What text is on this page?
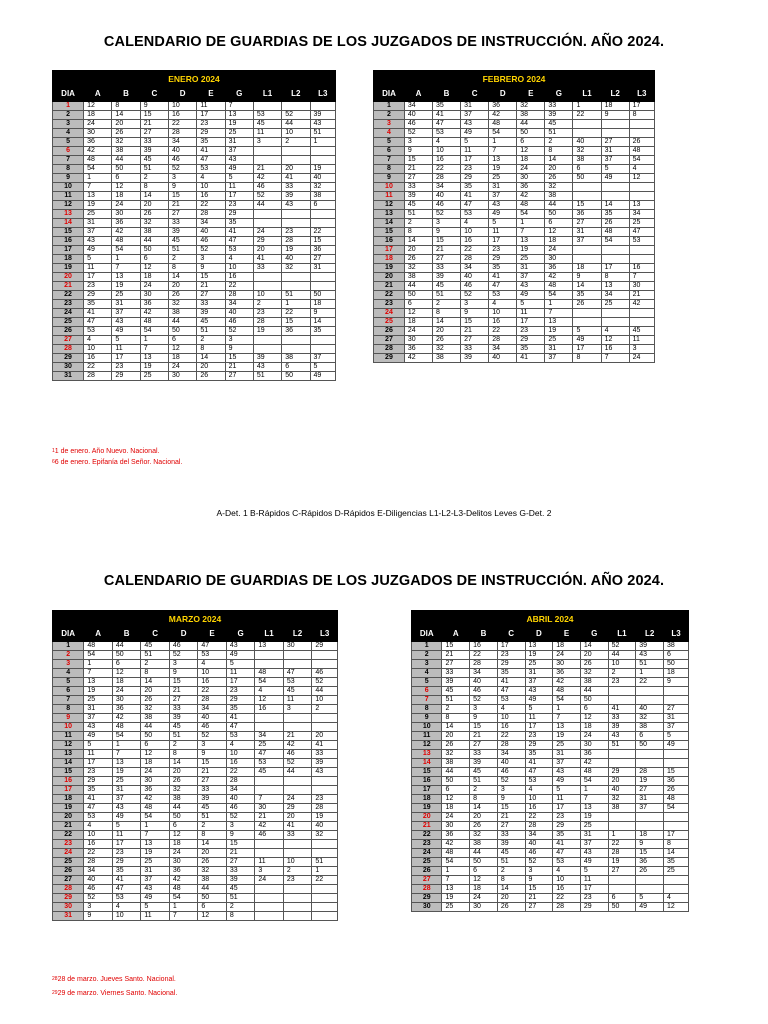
CALENDARIO DE GUARDIAS DE LOS JUZGADOS DE INSTRUCCIÓN. AÑO 2024.
ENERO 2024									
DIA	A	B	C	D	E	G	L1	L2	L3
1	12	8	9	10	11	7			
2	18	14	15	16	17	13	53	52	39
3	24	20	21	22	23	19	45	44	43
4	30	26	27	28	29	25	11	10	51
5	36	32	33	34	35	31	3	2	1
6	42	38	39	40	41	37			
7	48	44	45	46	47	43			
8	54	50	51	52	53	49	21	20	19
9	1	6	2	3	4	5	42	41	40
10	7	12	8	9	10	11	46	33	32
11	13	18	14	15	16	17	52	39	38
12	19	24	20	21	22	23	44	43	6
13	25	30	26	27	28	29			
14	31	36	32	33	34	35			
15	37	42	38	39	40	41	24	23	22
16	43	48	44	45	46	47	29	28	15
17	49	54	50	51	52	53	20	19	36
18	5	1	6	2	3	4	41	40	27
19	11	7	12	8	9	10	33	32	31
20	17	13	18	14	15	16			
21	23	19	24	20	21	22			
22	29	25	30	26	27	28	10	51	50
23	35	31	36	32	33	34	2	1	18
24	41	37	42	38	39	40	23	22	9
25	47	43	48	44	45	46	28	15	14
26	53	49	54	50	51	52	19	36	35
27	4	5	1	6	2	3			
28	10	11	7	12	8	9			
29	16	17	13	18	14	15	39	38	37
30	22	23	19	24	20	21	43	6	5
31	28	29	25	30	26	27	51	50	49
FEBRERO 2024									
DIA	A	B	C	D	E	G	L1	L2	L3
1	34	35	31	36	32	33	1	18	17
2	40	41	37	42	38	39	22	9	8
3	46	47	43	48	44	45			
4	52	53	49	54	50	51			
5	3	4	5	1	6	2	40	27	26
6	9	10	11	7	12	8	32	31	48
7	15	16	17	13	18	14	38	37	54
8	21	22	23	19	24	20	6	5	4
9	27	28	29	25	30	26	50	49	12
10	33	34	35	31	36	32			
11	39	40	41	37	42	38			
12	45	46	47	43	48	44	15	14	13
13	51	52	53	49	54	50	36	35	34
14	2	3	4	5	1	6	27	26	25
15	8	9	10	11	7	12	31	48	47
16	14	15	16	17	13	18	37	54	53
17	20	21	22	23	19	24			
18	26	27	28	29	25	30			
19	32	33	34	35	31	36	18	17	16
20	38	39	40	41	37	42	9	8	7
21	44	45	46	47	43	48	14	13	30
22	50	51	52	53	49	54	35	34	21
23	6	2	3	4	5	1	26	25	42
24	12	8	9	10	11	7			
25	18	14	15	16	17	13			
26	24	20	21	22	23	19	5	4	45
27	30	26	27	28	29	25	49	12	11
28	36	32	33	34	35	31	17	16	3
29	42	38	39	40	41	37	8	7	24
$^1$1 de enero. Año Nuevo. Nacional.
$^6$6 de enero. Epifanía del Señor. Nacional.
A-Det. 1 B-Rápidos C-Rápidos D-Rápidos E-Diligencias L1-L2-L3-Delitos Leves G-Det. 2
CALENDARIO DE GUARDIAS DE LOS JUZGADOS DE INSTRUCCIÓN. AÑO 2024.
MARZO 2024									
DIA	A	B	C	D	E	G	L1	L2	L3
1	48	44	45	46	47	43	13	30	29
2	54	50	51	52	53	49			
3	1	6	2	3	4	5			
4	7	12	8	9	10	11	48	47	46
5	13	18	14	15	16	17	54	53	52
6	19	24	20	21	22	23	4	45	44
7	25	30	26	27	28	29	12	11	10
8	31	36	32	33	34	35	16	3	2
9	37	42	38	39	40	41			
10	43	48	44	45	46	47			
11	49	54	50	51	52	53	34	21	20
12	5	1	6	2	3	4	25	42	41
13	11	7	12	8	9	10	47	46	33
14	17	13	18	14	15	16	53	52	39
15	23	19	24	20	21	22	45	44	43
16	29	25	30	26	27	28			
17	35	31	36	32	33	34			
18	41	37	42	38	39	40	7	24	23
19	47	43	48	44	45	46	30	29	28
20	53	49	54	50	51	52	21	20	19
21	4	5	1	6	2	3	42	41	40
22	10	11	7	12	8	9	46	33	32
23	16	17	13	18	14	15			
24	22	23	19	24	20	21			
25	28	29	25	30	26	27	11	10	51
26	34	35	31	36	32	33	3	2	1
27	40	41	37	42	38	39	24	23	22
28	46	47	43	48	44	45			
29	52	53	49	54	50	51			
30	3	4	5	1	6	2			
31	9	10	11	7	12	8			
ABRIL 2024									
DIA	A	B	C	D	E	G	L1	L2	L3
1	15	16	17	13	18	14	52	39	38
2	21	22	23	19	24	20	44	43	6
3	27	28	29	25	30	26	10	51	50
4	33	34	35	31	36	32	2	1	18
5	39	40	41	37	42	38	23	22	9
6	45	46	47	43	48	44			
7	51	52	53	49	54	50			
8	2	3	4	5	1	6	41	40	27
9	8	9	10	11	7	12	33	32	31
10	14	15	16	17	13	18	39	38	37
11	20	21	22	23	19	24	43	6	5
12	26	27	28	29	25	30	51	50	49
13	32	33	34	35	31	36			
14	38	39	40	41	37	42			
15	44	45	46	47	43	48	29	28	15
16	50	51	52	53	49	54	20	19	36
17	6	2	3	4	5	1	40	27	26
18	12	8	9	10	11	7	32	31	48
19	18	14	15	16	17	13	38	37	54
20	24	20	21	22	23	19			
21	30	26	27	28	29	25			
22	36	32	33	34	35	31	1	18	17
23	42	38	39	40	41	37	22	9	8
24	48	44	45	46	47	43	28	15	14
25	54	50	51	52	53	49	19	36	35
26	1	6	2	3	4	5	27	26	25
27	7	12	8	9	10	11			
28	13	18	14	15	16	17			
29	19	24	20	21	22	23	6	5	4
30	25	30	26	27	28	29	50	49	12
$^{28}$28 de marzo. Jueves Santo. Nacional.
$^{29}$29 de marzo. Viernes Santo. Nacional.
